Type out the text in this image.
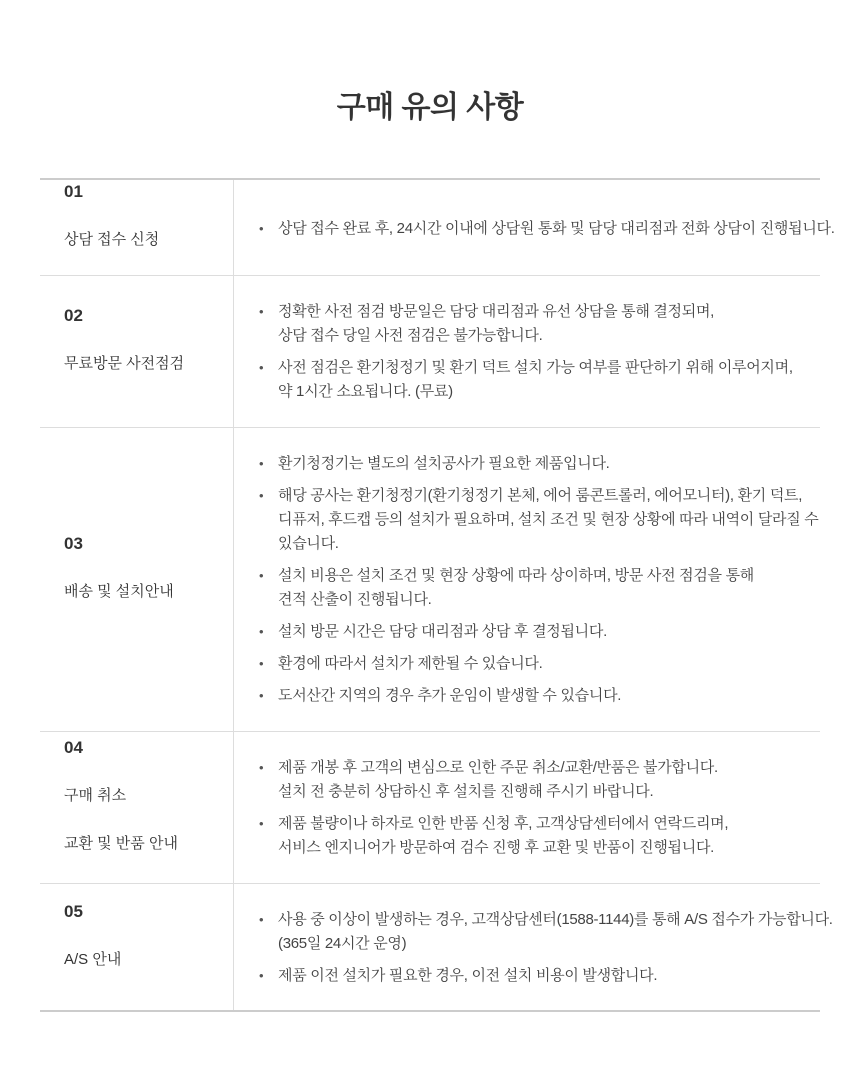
구매 유의 사항
01

상담 접수 신청

• 상담 접수 완료 후, 24시간 이내에 상담원 통화 및 담당 대리점과 전화 상담이 진행됩니다.
02

무료방문 사전점검

• 정확한 사전 점검 방문일은 담당 대리점과 유선 상담을 통해 결정되며,
상담 접수 당일 사전 점검은 불가능합니다.
• 사전 점검은 환기청정기 및 환기 덕트 설치 가능 여부를 판단하기 위해 이루어지며,
약 1시간 소요됩니다. (무료)
03

배송 및 설치안내

• 환기청정기는 별도의 설치공사가 필요한 제품입니다.
• 해당 공사는 환기청정기(환기청정기 본체, 에어 룸콘트롤러, 에어모니터), 환기 덕트,
디퓨저, 후드캡 등의 설치가 필요하며, 설치 조건 및 현장 상황에 따라 내역이 달라질 수
있습니다.
• 설치 비용은 설치 조건 및 현장 상황에 따라 상이하며, 방문 사전 점검을 통해
견적 산출이 진행됩니다.
• 설치 방문 시간은 담당 대리점과 상담 후 결정됩니다.
• 환경에 따라서 설치가 제한될 수 있습니다.
• 도서산간 지역의 경우 추가 운임이 발생할 수 있습니다.
04

구매 취소

교환 및 반품 안내

• 제품 개봉 후 고객의 변심으로 인한 주문 취소/교환/반품은 불가합니다.
설치 전 충분히 상담하신 후 설치를 진행해 주시기 바랍니다.
• 제품 불량이나 하자로 인한 반품 신청 후, 고객상담센터에서 연락드리며,
서비스 엔지니어가 방문하여 검수 진행 후 교환 및 반품이 진행됩니다.
05

A/S 안내

• 사용 중 이상이 발생하는 경우, 고객상담센터(1588-1144)를 통해 A/S 접수가 가능합니다.
(365일 24시간 운영)
• 제품 이전 설치가 필요한 경우, 이전 설치 비용이 발생합니다.
